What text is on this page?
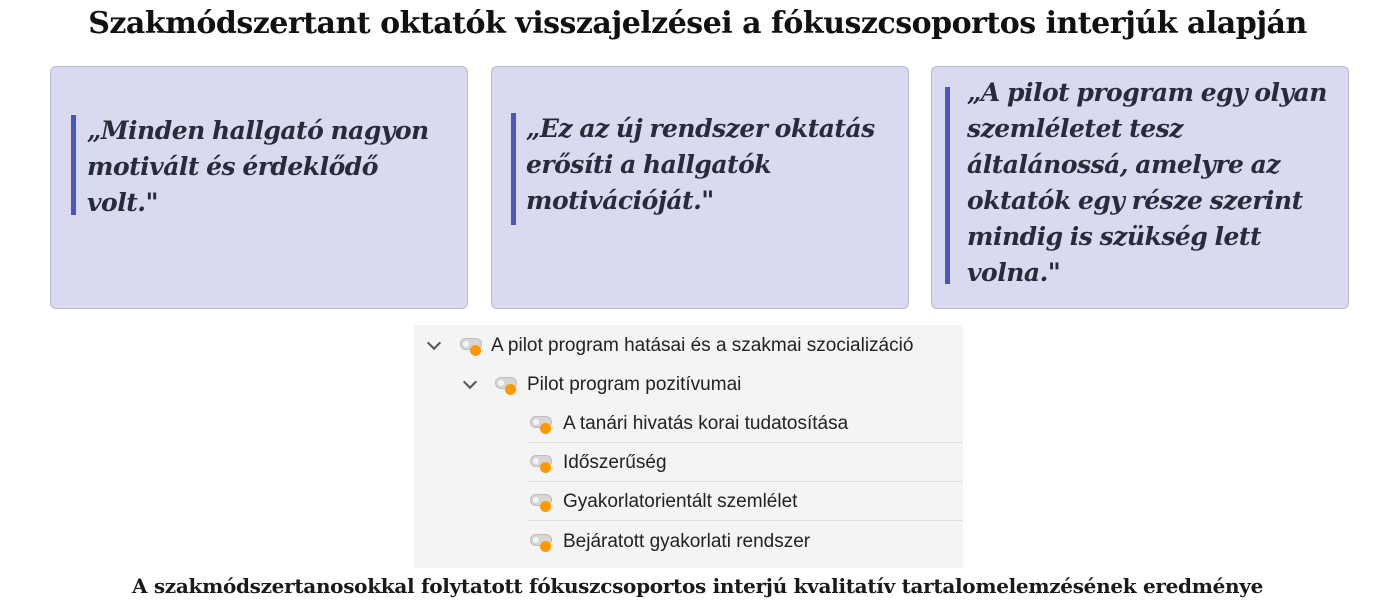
Szakmódszertant oktatók visszajelzései a fókuszcsoportos interjúk alapján
„Minden hallgató nagyon motivált és érdeklődő volt."
„Ez az új rendszer oktatás erősíti a hallgatók motivációját."
„A pilot program egy olyan szemléletet tesz általánossá, amelyre az oktatók egy része szerint mindig is szükség lett volna."
A pilot program hatásai és a szakmai szocializáció
Pilot program pozitívumai
A tanári hivatás korai tudatosítása
Időszerűség
Gyakorlatorientált szemlélet
Bejáratott gyakorlati rendszer
A szakmódszertanosokkal folytatott fókuszcsoportos interjú kvalitatív tartalomelemzésének eredménye
